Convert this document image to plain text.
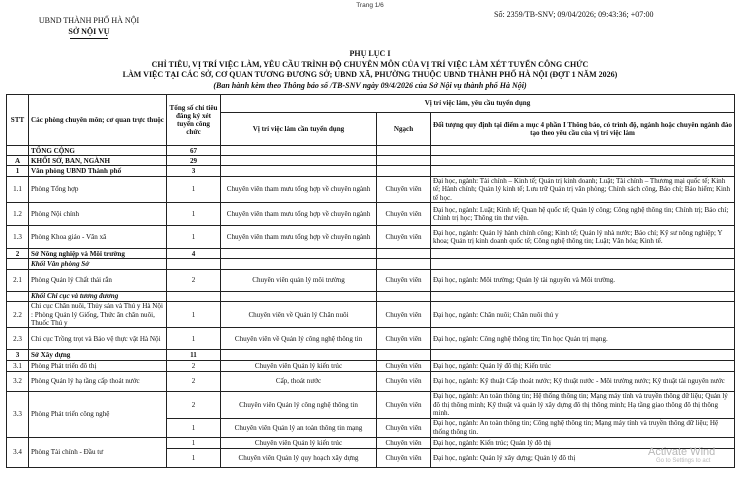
Trang 1/6
UBND THÀNH PHỐ HÀ NỘI
SỞ NỘI VỤ
Số: 2359/TB-SNV; 09/04/2026; 09:43:36; +07:00
PHỤ LỤC I
CHỈ TIÊU, VỊ TRÍ VIỆC LÀM, YÊU CẦU TRÌNH ĐỘ CHUYÊN MÔN CỦA VỊ TRÍ VIỆC LÀM XÉT TUYỂN CÔNG CHỨC
LÀM VIỆC TẠI CÁC SỞ, CƠ QUAN TƯƠNG ĐƯƠNG SỞ; UBND XÃ, PHƯỜNG THUỘC UBND THÀNH PHỐ HÀ NỘI (ĐỢT 1 NĂM 2026)
(Ban hành kèm theo Thông báo số /TB-SNV ngày 09/4/2026 của Sở Nội vụ thành phố Hà Nội)
STT	Các phòng chuyên môn; cơ quan trực thuộc	Tổng số chỉ tiêu đăng ký xét tuyển công chức	Vị trí việc làm, yêu cầu tuyển dụng		
			Vị trí việc làm cần tuyển dụng	Ngạch	Đối tượng quy định tại điểm a mục 4 phần I Thông báo, có trình độ, ngành hoặc chuyên ngành đào tạo theo yêu cầu của vị trí việc làm
	TỔNG CỘNG	67			
A	KHỐI SỞ, BAN, NGÀNH	29			
1	Văn phòng UBND Thành phố	3			
1.1	Phòng Tổng hợp	1	Chuyên viên tham mưu tổng hợp về chuyên ngành	Chuyên viên	Đại học, ngành: Tài chính – Kinh tế; Quản trị kinh doanh; Luật; Tài chính – Thương mại quốc tế; Kinh tế; Hành chính; Quản lý kinh tế; Lưu trữ Quản trị văn phòng; Chính sách công, Báo chí; Bảo hiểm; Kinh tế học.
1.2	Phòng Nội chính	1	Chuyên viên tham mưu tổng hợp về chuyên ngành	Chuyên viên	Đại học, ngành: Luật; Kinh tế; Quan hệ quốc tế; Quản lý công; Công nghệ thông tin; Chính trị; Báo chí; Chính trị học; Thông tin thư viện.
1.3	Phòng Khoa giáo - Văn xã	1	Chuyên viên tham mưu tổng hợp về chuyên ngành	Chuyên viên	Đại học, ngành: Quản lý hành chính công; Kinh tế; Quản lý nhà nước; Báo chí; Kỹ sư nông nghiệp; Y khoa; Quản trị kinh doanh quốc tế; Công nghệ thông tin; Luật; Văn hóa; Kinh tế.
2	Sở Nông nghiệp và Môi trường	4			
	Khối Văn phòng Sở				
2.1	Phòng Quản lý Chất thải rắn	2	Chuyên viên quản lý môi trường	Chuyên viên	Đại học, ngành: Môi trường; Quản lý tài nguyên và Môi trường.
	Khối Chi cục và tương đương				
2.2	Chi cục Chăn nuôi, Thủy sản và Thú y Hà Nội : Phòng Quản lý Giống, Thức ăn chăn nuôi, Thuốc Thú y	1	Chuyên viên về Quản lý Chăn nuôi	Chuyên viên	Đại học, ngành: Chăn nuôi; Chăn nuôi thú y
2.3	Chi cục Trồng trọt và Bảo vệ thực vật Hà Nội	1	Chuyên viên về Quản lý công nghệ thông tin	Chuyên viên	Đại học, ngành: Công nghệ thông tin; Tin học Quản trị mạng.
3	Sở Xây dựng	11			
3.1	Phòng Phát triển đô thị	2	Chuyên viên Quản lý kiến trúc	Chuyên viên	Đại học, ngành: Quản lý đô thị; Kiến trúc
3.2	Phòng Quản lý hạ tầng cấp thoát nước	2	Cấp, thoát nước	Chuyên viên	Đại học, ngành: Kỹ thuật Cấp thoát nước; Kỹ thuật nước - Môi trường nước; Kỹ thuật tài nguyên nước
3.3	Phòng Phát triển công nghệ	2	Chuyên viên Quản lý công nghệ thông tin	Chuyên viên	Đại học, ngành: An toàn thông tin; Hệ thống thông tin; Mạng máy tính và truyền thông dữ liệu; Quản lý đô thị thông minh; Kỹ thuật và quản lý xây dựng đô thị thông minh; Hạ tầng giao thông đô thị thông minh.
		1	Chuyên viên Quản lý an toàn thông tin mạng	Chuyên viên	Đại học, ngành: An toàn thông tin; Công nghệ thông tin; Mạng máy tính và truyền thông dữ liệu; Hệ thống thông tin.
3.4	Phòng Tài chính - Đầu tư	1	Chuyên viên Quản lý kiến trúc	Chuyên viên	Đại học, ngành: Kiến trúc; Quản lý đô thị
		1	Chuyên viên Quản lý quy hoạch xây dựng	Chuyên viên	Đại học, ngành: Quản lý xây dựng; Quản lý đô thị	Activate Wind
Go to Settings to act
